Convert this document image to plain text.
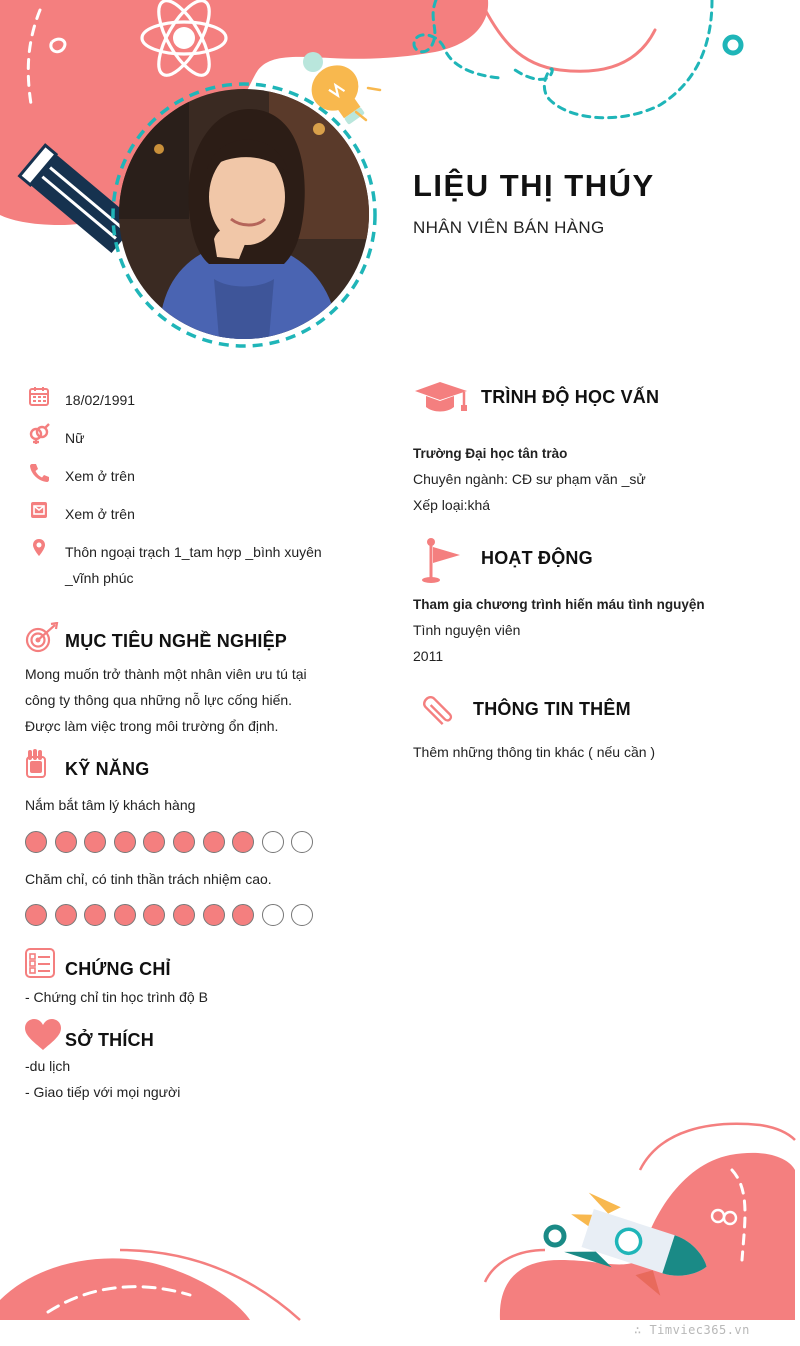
LIỆU THỊ THÚY
NHÂN VIÊN BÁN HÀNG
18/02/1991
Nữ
Xem ở trên
Xem ở trên
Thôn ngoại trạch 1_tam hợp _bình xuyên _vĩnh phúc
MỤC TIÊU NGHỀ NGHIỆP
Mong muốn trở thành một nhân viên ưu tú tại
công ty thông qua những nỗ lực cống hiến.
Được làm việc trong môi trường ổn định.
KỸ NĂNG
Nắm bắt tâm lý khách hàng
Chăm chỉ, có tinh thần trách nhiệm cao.
CHỨNG CHỈ
- Chứng chỉ tin học trình độ B
SỞ THÍCH
-du lịch
- Giao tiếp với mọi người
TRÌNH ĐỘ HỌC VẤN
Trường Đại học tân trào
Chuyên ngành: CĐ sư phạm văn _sử
Xếp loại:khá
HOẠT ĐỘNG
Tham gia chương trình hiến máu tình nguyện
Tình nguyện viên
2011
THÔNG TIN THÊM
Thêm những thông tin khác ( nếu cần )
∴ Timviec365.vn
